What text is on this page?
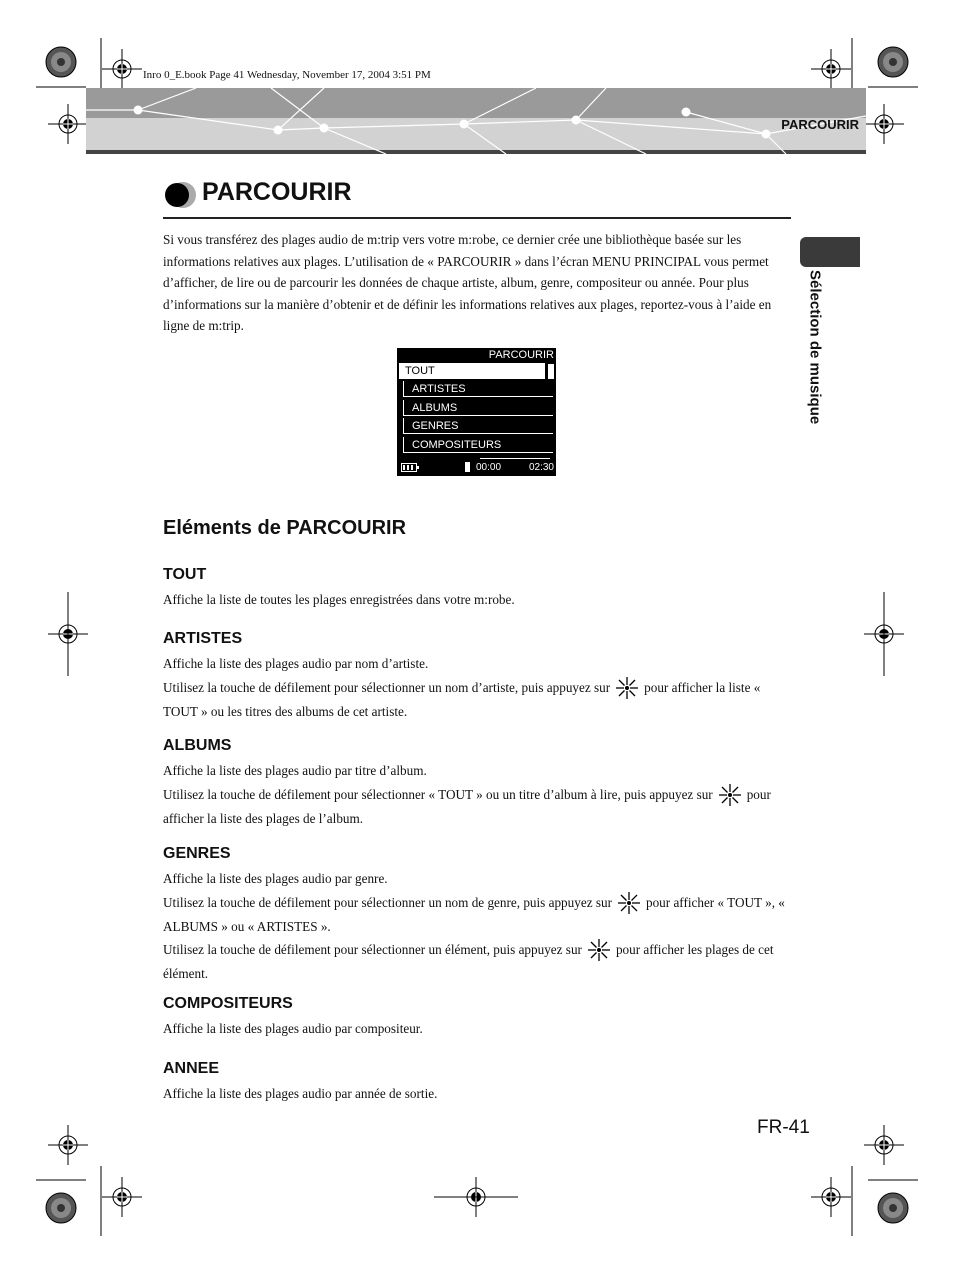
Inro 0_E.book Page 41 Wednesday, November 17, 2004 3:51 PM
PARCOURIR
Sélection de musique
PARCOURIR
Si vous transférez des plages audio de m:trip vers votre m:robe, ce dernier crée une bibliothèque basée sur les informations relatives aux plages. L’utilisation de « PARCOURIR » dans l’écran MENU PRINCIPAL vous permet d’afficher, de lire ou de parcourir les données de chaque artiste, album, genre, compositeur ou année. Pour plus d’informations sur la manière d’obtenir et de définir les informations relatives aux plages, reportez-vous à l’aide en ligne de m:trip.
PARCOURIR
TOUT
ARTISTES
ALBUMS
GENRES
COMPOSITEURS
00:00	02:30
Eléments de PARCOURIR
TOUT
Affiche la liste de toutes les plages enregistrées dans votre m:robe.
ARTISTES
Affiche la liste des plages audio par nom d’artiste.
Utilisez la touche de défilement pour sélectionner un nom d’artiste, puis appuyez sur	pour afficher la liste « TOUT » ou les titres des albums de cet artiste.
ALBUMS
Affiche la liste des plages audio par titre d’album.
Utilisez la touche de défilement pour sélectionner « TOUT » ou un titre d’album à lire, puis appuyez sur	pour afficher la liste des plages de l’album.
GENRES
Affiche la liste des plages audio par genre.
Utilisez la touche de défilement pour sélectionner un nom de genre, puis appuyez sur	pour afficher « TOUT », « ALBUMS » ou « ARTISTES ».
Utilisez la touche de défilement pour sélectionner un élément, puis appuyez sur	pour afficher les plages de cet élément.
COMPOSITEURS
Affiche la liste des plages audio par compositeur.
ANNEE
Affiche la liste des plages audio par année de sortie.
FR-41
